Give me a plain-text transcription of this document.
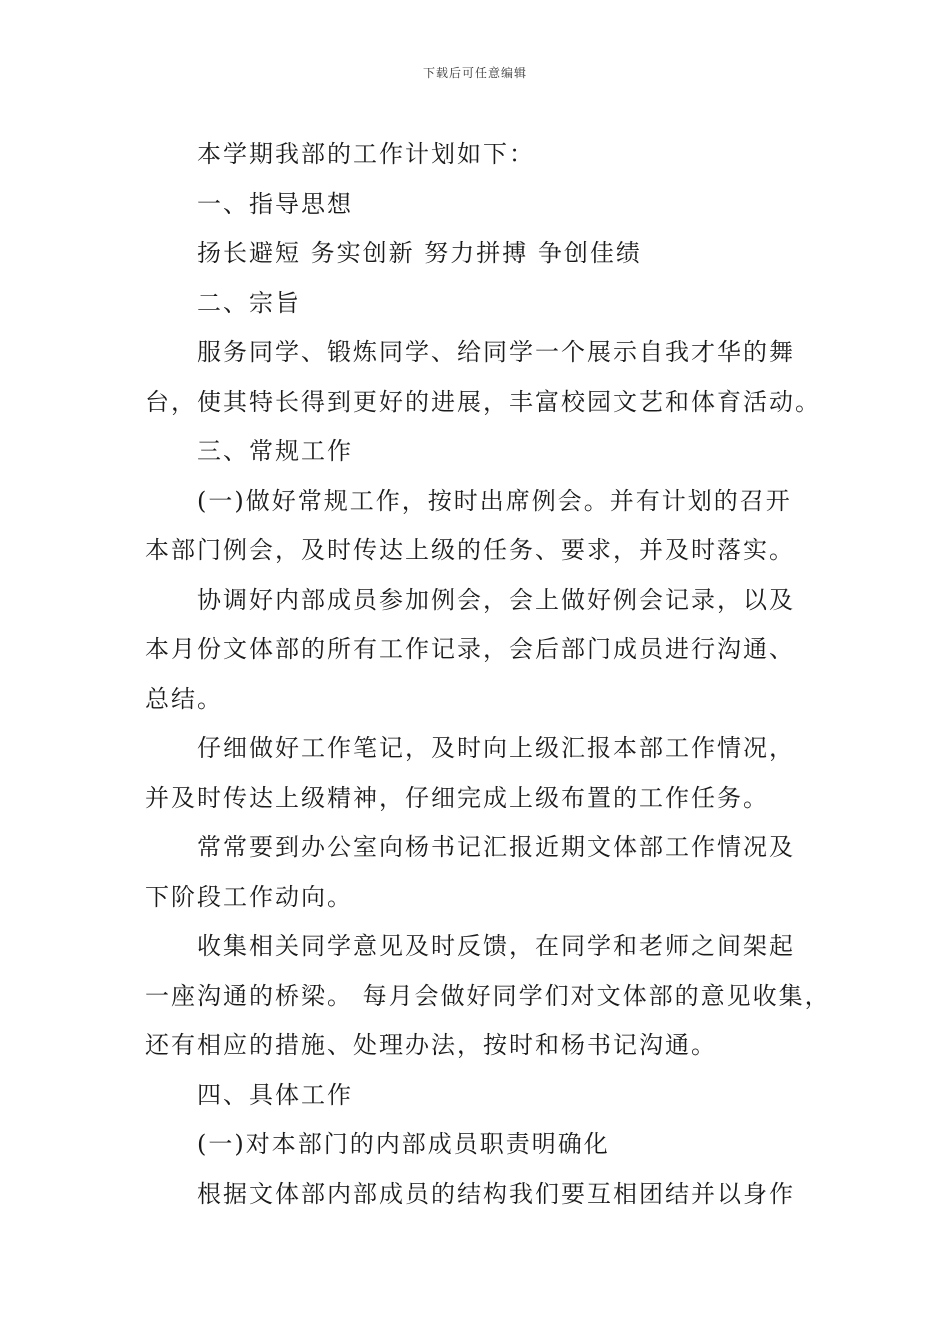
下载后可任意编辑
本学期我部的工作计划如下：
一、指导思想
扬长避短 务实创新 努力拼搏 争创佳绩
二、宗旨
服务同学、锻炼同学、给同学一个展示自我才华的舞
台，使其特长得到更好的进展，丰富校园文艺和体育活动。
三、常规工作
(一)做好常规工作，按时出席例会。并有计划的召开
本部门例会，及时传达上级的任务、要求，并及时落实。
协调好内部成员参加例会，会上做好例会记录，以及
本月份文体部的所有工作记录，会后部门成员进行沟通、
总结。
仔细做好工作笔记，及时向上级汇报本部工作情况，
并及时传达上级精神，仔细完成上级布置的工作任务。
常常要到办公室向杨书记汇报近期文体部工作情况及
下阶段工作动向。
收集相关同学意见及时反馈，在同学和老师之间架起
一座沟通的桥梁。 每月会做好同学们对文体部的意见收集，
还有相应的措施、处理办法，按时和杨书记沟通。
四、具体工作
(一)对本部门的内部成员职责明确化
根据文体部内部成员的结构我们要互相团结并以身作
